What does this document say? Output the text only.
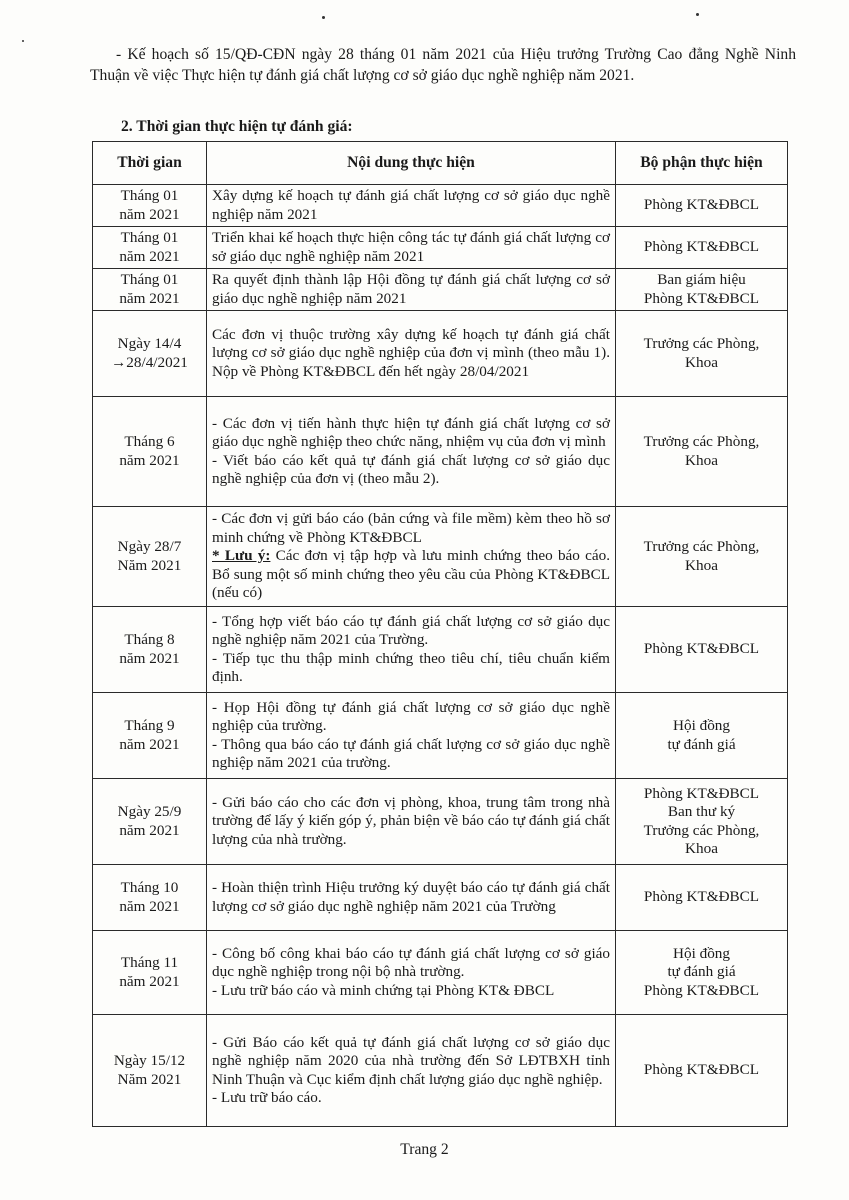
- Kế hoạch số 15/QĐ-CĐN ngày 28 tháng 01 năm 2021 của Hiệu trưởng Trường Cao đẳng Nghề Ninh Thuận về việc Thực hiện tự đánh giá chất lượng cơ sở giáo dục nghề nghiệp năm 2021.

2. Thời gian thực hiện tự đánh giá:

Thời gian	Nội dung thực hiện	Bộ phận thực hiện

Tháng 01
năm 2021	Xây dựng kế hoạch tự đánh giá chất lượng cơ sở giáo dục nghề nghiệp năm 2021	Phòng KT&ĐBCL

Tháng 01
năm 2021	Triển khai kế hoạch thực hiện công tác tự đánh giá chất lượng cơ sở giáo dục nghề nghiệp năm 2021	Phòng KT&ĐBCL

Tháng 01
năm 2021	Ra quyết định thành lập Hội đồng tự đánh giá chất lượng cơ sở giáo dục nghề nghiệp năm 2021	Ban giám hiệu
Phòng KT&ĐBCL

Ngày 14/4
→28/4/2021	Các đơn vị thuộc trường xây dựng kế hoạch tự đánh giá chất lượng cơ sở giáo dục nghề nghiệp của đơn vị mình (theo mẫu 1). Nộp về Phòng KT&ĐBCL đến hết ngày 28/04/2021	Trưởng các Phòng,
Khoa

Tháng 6
năm 2021	- Các đơn vị tiến hành thực hiện tự đánh giá chất lượng cơ sở giáo dục nghề nghiệp theo chức năng, nhiệm vụ của đơn vị mình
- Viết báo cáo kết quả tự đánh giá chất lượng cơ sở giáo dục nghề nghiệp của đơn vị (theo mẫu 2).	Trưởng các Phòng,
Khoa

Ngày 28/7
Năm 2021	- Các đơn vị gửi báo cáo (bản cứng và file mềm) kèm theo hồ sơ minh chứng về Phòng KT&ĐBCL
* Lưu ý: Các đơn vị tập hợp và lưu minh chứng theo báo cáo. Bổ sung một số minh chứng theo yêu cầu của Phòng KT&ĐBCL (nếu có)	Trưởng các Phòng,
Khoa

Tháng 8
năm 2021	- Tổng hợp viết báo cáo tự đánh giá chất lượng cơ sở giáo dục nghề nghiệp năm 2021 của Trường.
- Tiếp tục thu thập minh chứng theo tiêu chí, tiêu chuẩn kiểm định.	Phòng KT&ĐBCL

Tháng 9
năm 2021	- Họp Hội đồng tự đánh giá chất lượng cơ sở giáo dục nghề nghiệp của trường.
- Thông qua báo cáo tự đánh giá chất lượng cơ sở giáo dục nghề nghiệp năm 2021 của trường.	Hội đồng
tự đánh giá

Ngày 25/9
năm 2021	- Gửi báo cáo cho các đơn vị phòng, khoa, trung tâm trong nhà trường để lấy ý kiến góp ý, phản biện về báo cáo tự đánh giá chất lượng của nhà trường.	Phòng KT&ĐBCL
Ban thư ký
Trưởng các Phòng,
Khoa

Tháng 10
năm 2021	- Hoàn thiện trình Hiệu trưởng ký duyệt báo cáo tự đánh giá chất lượng cơ sở giáo dục nghề nghiệp năm 2021 của Trường	Phòng KT&ĐBCL

Tháng 11
năm 2021	- Công bố công khai báo cáo tự đánh giá chất lượng cơ sở giáo dục nghề nghiệp trong nội bộ nhà trường.
- Lưu trữ báo cáo và minh chứng tại Phòng KT& ĐBCL	Hội đồng
tự đánh giá
Phòng KT&ĐBCL

Ngày 15/12
Năm 2021	- Gửi Báo cáo kết quả tự đánh giá chất lượng cơ sở giáo dục nghề nghiệp năm 2020 của nhà trường đến Sở LĐTBXH tỉnh Ninh Thuận và Cục kiểm định chất lượng giáo dục nghề nghiệp.
- Lưu trữ báo cáo.	Phòng KT&ĐBCL
Trang 2
